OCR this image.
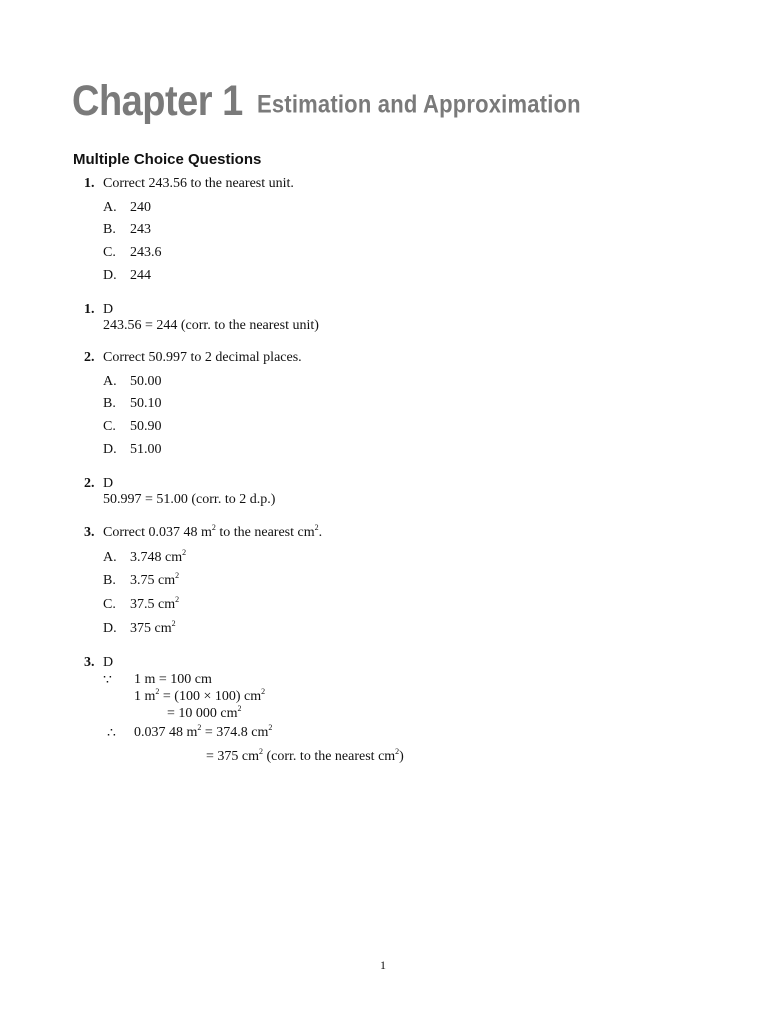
Chapter 1 Estimation and Approximation
Multiple Choice Questions
1. Correct 243.56 to the nearest unit.
A. 240
B. 243
C. 243.6
D. 244
1. D
243.56 = 244 (corr. to the nearest unit)
2. Correct 50.997 to 2 decimal places.
A. 50.00
B. 50.10
C. 50.90
D. 51.00
2. D
50.997 = 51.00 (corr. to 2 d.p.)
3. Correct 0.037 48 $m^2$ to the nearest $cm^2$.
A. 3.748 $cm^2$
B. 3.75 $cm^2$
C. 37.5 $cm^2$
D. 375 $cm^2$
3. D
∵ 1 m = 100 cm
1 $m^2 = (100 \times 100)$ $cm^2$
= 10 000 $cm^2$
∴ 0.037 48 $m^2 = 374.8$ $cm^2$
= 375 $cm^2$ (corr. to the nearest $cm^2$)
1
